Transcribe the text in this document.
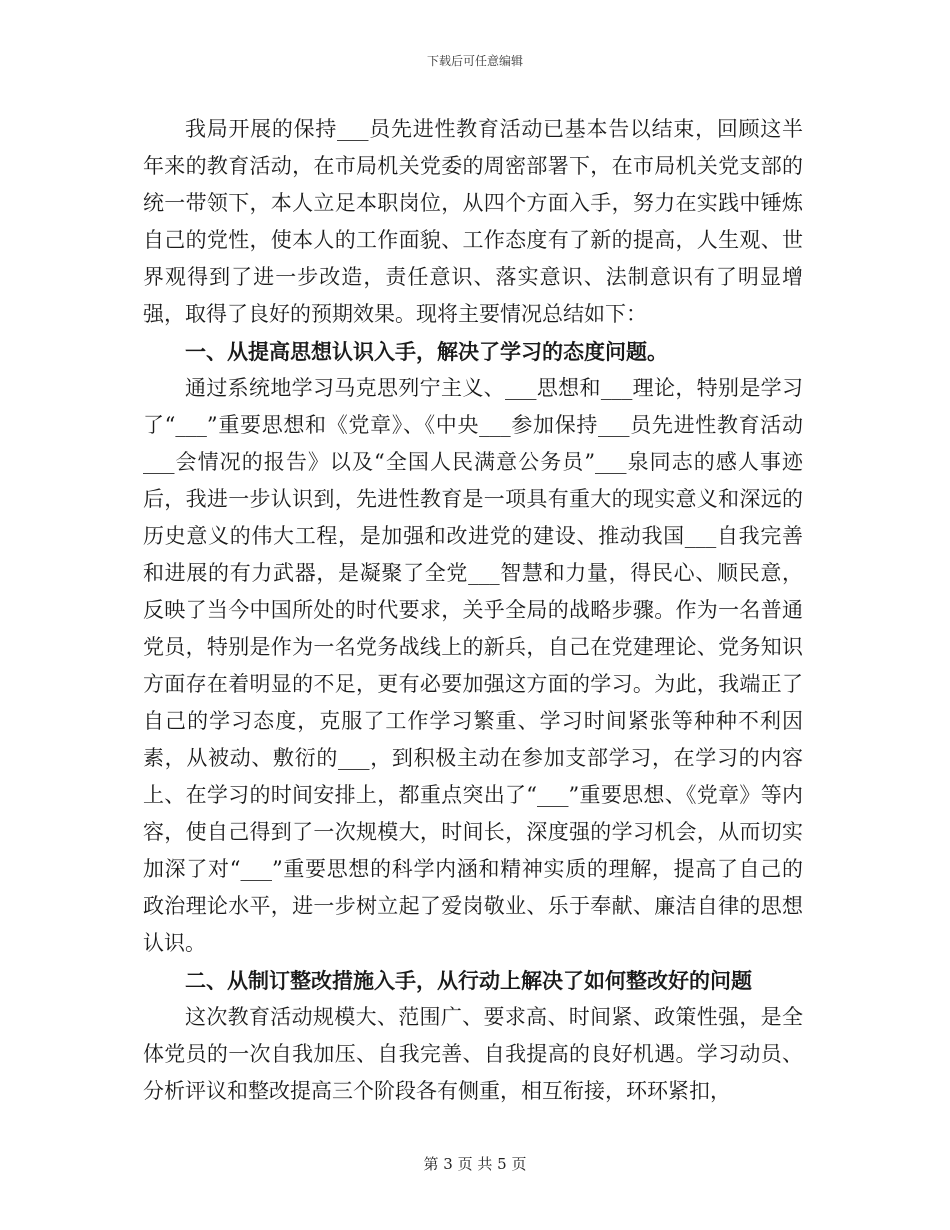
下载后可任意编辑

我局开展的保持___员先进性教育活动已基本告以结束，回顾这半年来的教育活动，在市局机关党委的周密部署下，在市局机关党支部的统一带领下，本人立足本职岗位，从四个方面入手，努力在实践中锤炼自己的党性，使本人的工作面貌、工作态度有了新的提高，人生观、世界观得到了进一步改造，责任意识、落实意识、法制意识有了明显增强，取得了良好的预期效果。现将主要情况总结如下：

一、从提高思想认识入手，解决了学习的态度问题。

通过系统地学习马克思列宁主义、___思想和___理论，特别是学习了“___”重要思想和《党章》、《中央___参加保持___员先进性教育活动___会情况的报告》以及“全国人民满意公务员”___泉同志的感人事迹后，我进一步认识到，先进性教育是一项具有重大的现实意义和深远的历史意义的伟大工程，是加强和改进党的建设、推动我国___自我完善和进展的有力武器，是凝聚了全党___智慧和力量，得民心、顺民意，反映了当今中国所处的时代要求，关乎全局的战略步骤。作为一名普通党员，特别是作为一名党务战线上的新兵，自己在党建理论、党务知识方面存在着明显的不足，更有必要加强这方面的学习。为此，我端正了自己的学习态度，克服了工作学习繁重、学习时间紧张等种种不利因素，从被动、敷衍的___，到积极主动在参加支部学习，在学习的内容上、在学习的时间安排上，都重点突出了“___”重要思想、《党章》等内容，使自己得到了一次规模大，时间长，深度强的学习机会，从而切实加深了对“___”重要思想的科学内涵和精神实质的理解，提高了自己的政治理论水平，进一步树立起了爱岗敬业、乐于奉献、廉洁自律的思想认识。

二、从制订整改措施入手，从行动上解决了如何整改好的问题

这次教育活动规模大、范围广、要求高、时间紧、政策性强，是全体党员的一次自我加压、自我完善、自我提高的良好机遇。学习动员、分析评议和整改提高三个阶段各有侧重，相互衔接，环环紧扣，

第 3 页 共 5 页
